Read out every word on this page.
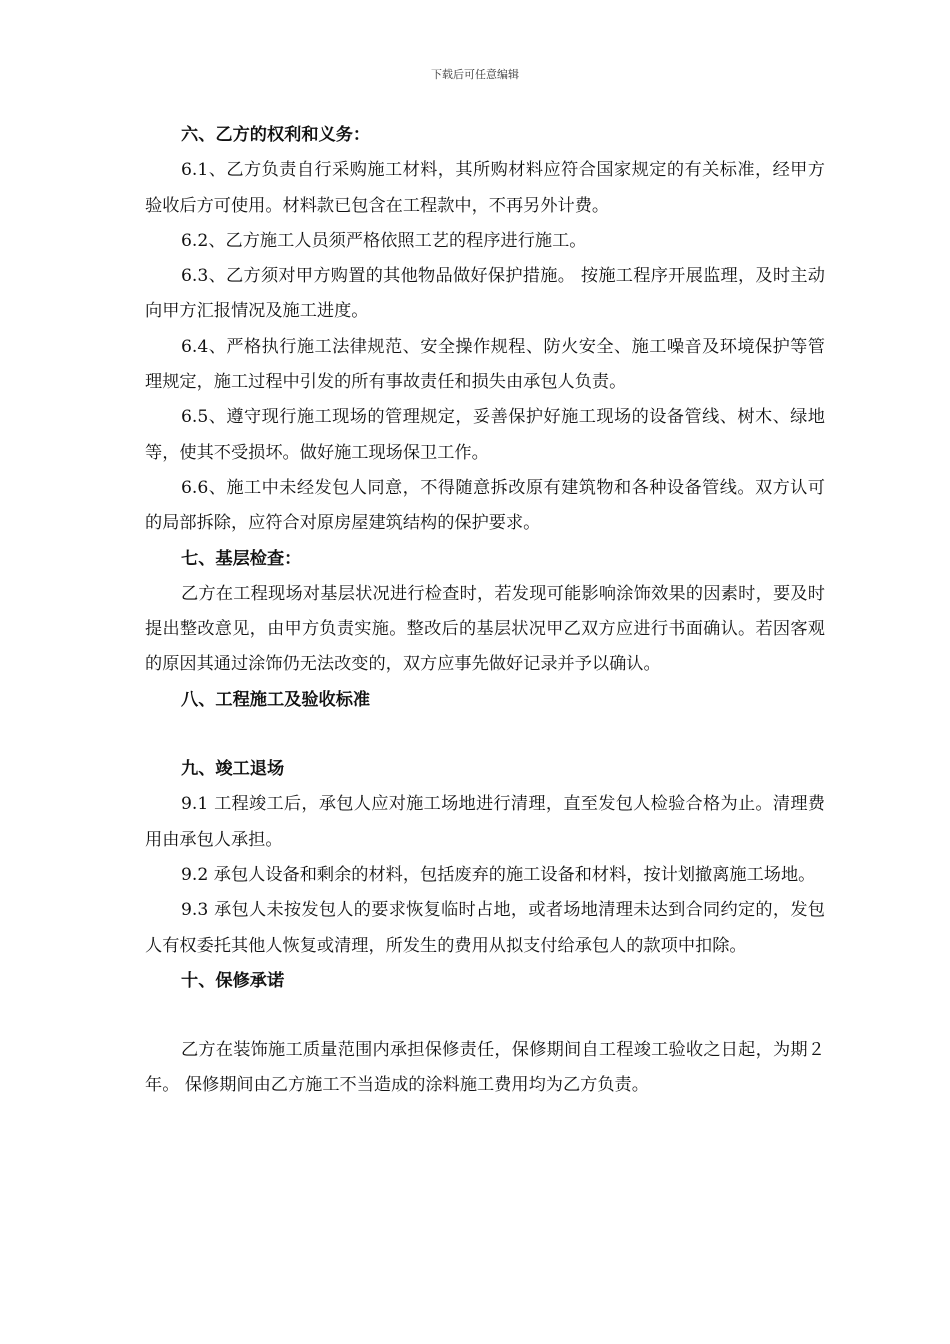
下载后可任意编辑

六、乙方的权利和义务：

6.1、乙方负责自行采购施工材料，其所购材料应符合国家规定的有关标准，经甲方验收后方可使用。材料款已包含在工程款中，不再另外计费。

6.2、乙方施工人员须严格依照工艺的程序进行施工。

6.3、乙方须对甲方购置的其他物品做好保护措施。 按施工程序开展监理，及时主动向甲方汇报情况及施工进度。

6.4、严格执行施工法律规范、安全操作规程、防火安全、施工噪音及环境保护等管理规定，施工过程中引发的所有事故责任和损失由承包人负责。

6.5、遵守现行施工现场的管理规定，妥善保护好施工现场的设备管线、树木、绿地等，使其不受损坏。做好施工现场保卫工作。

6.6、施工中未经发包人同意，不得随意拆改原有建筑物和各种设备管线。双方认可的局部拆除，应符合对原房屋建筑结构的保护要求。

七、基层检查：

乙方在工程现场对基层状况进行检查时，若发现可能影响涂饰效果的因素时，要及时提出整改意见，由甲方负责实施。整改后的基层状况甲乙双方应进行书面确认。若因客观的原因其通过涂饰仍无法改变的，双方应事先做好记录并予以确认。

八、工程施工及验收标准

九、竣工退场

9.1 工程竣工后，承包人应对施工场地进行清理，直至发包人检验合格为止。清理费用由承包人承担。

9.2 承包人设备和剩余的材料，包括废弃的施工设备和材料，按计划撤离施工场地。

9.3 承包人未按发包人的要求恢复临时占地，或者场地清理未达到合同约定的，发包人有权委托其他人恢复或清理，所发生的费用从拟支付给承包人的款项中扣除。

十、保修承诺

乙方在装饰施工质量范围内承担保修责任，保修期间自工程竣工验收之日起，为期２年。 保修期间由乙方施工不当造成的涂料施工费用均为乙方负责。
